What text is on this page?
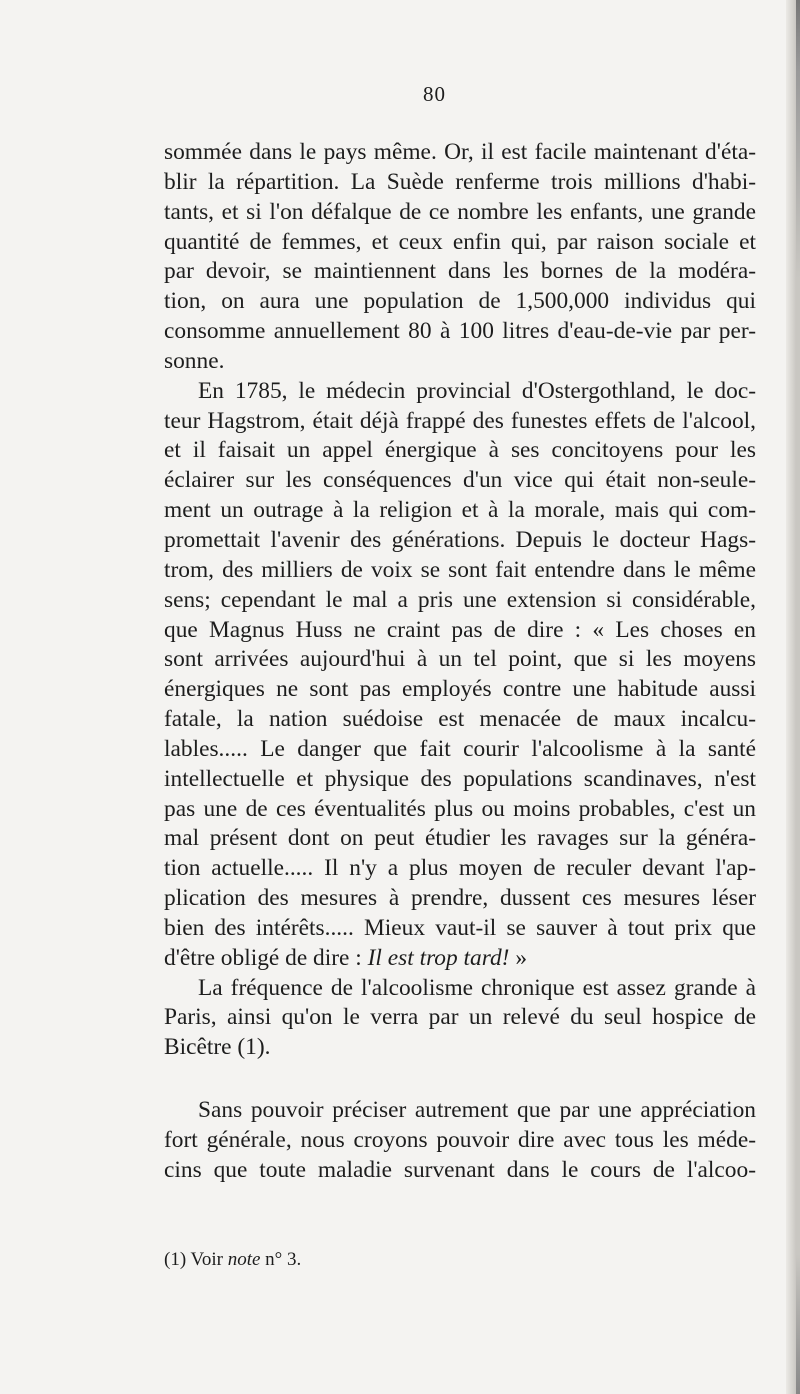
80
sommée dans le pays même. Or, il est facile maintenant d'éta-
blir la répartition. La Suède renferme trois millions d'habi-
tants, et si l'on défalque de ce nombre les enfants, une grande
quantité de femmes, et ceux enfin qui, par raison sociale et
par devoir, se maintiennent dans les bornes de la modéra-
tion, on aura une population de 1,500,000 individus qui
consomme annuellement 80 à 100 litres d'eau-de-vie par per-
sonne.
En 1785, le médecin provincial d'Ostergothland, le doc-
teur Hagstrom, était déjà frappé des funestes effets de l'alcool,
et il faisait un appel énergique à ses concitoyens pour les
éclairer sur les conséquences d'un vice qui était non-seule-
ment un outrage à la religion et à la morale, mais qui com-
promettait l'avenir des générations. Depuis le docteur Hags-
trom, des milliers de voix se sont fait entendre dans le même
sens; cependant le mal a pris une extension si considérable,
que Magnus Huss ne craint pas de dire : « Les choses en
sont arrivées aujourd'hui à un tel point, que si les moyens
énergiques ne sont pas employés contre une habitude aussi
fatale, la nation suédoise est menacée de maux incalcu-
lables..... Le danger que fait courir l'alcoolisme à la santé
intellectuelle et physique des populations scandinaves, n'est
pas une de ces éventualités plus ou moins probables, c'est un
mal présent dont on peut étudier les ravages sur la généra-
tion actuelle..... Il n'y a plus moyen de reculer devant l'ap-
plication des mesures à prendre, dussent ces mesures léser
bien des intérêts..... Mieux vaut-il se sauver à tout prix que
d'être obligé de dire : Il est trop tard! »
La fréquence de l'alcoolisme chronique est assez grande à
Paris, ainsi qu'on le verra par un relevé du seul hospice de
Bicêtre (1).
Sans pouvoir préciser autrement que par une appréciation
fort générale, nous croyons pouvoir dire avec tous les méde-
cins que toute maladie survenant dans le cours de l'alcoo-
(1) Voir note n° 3.
